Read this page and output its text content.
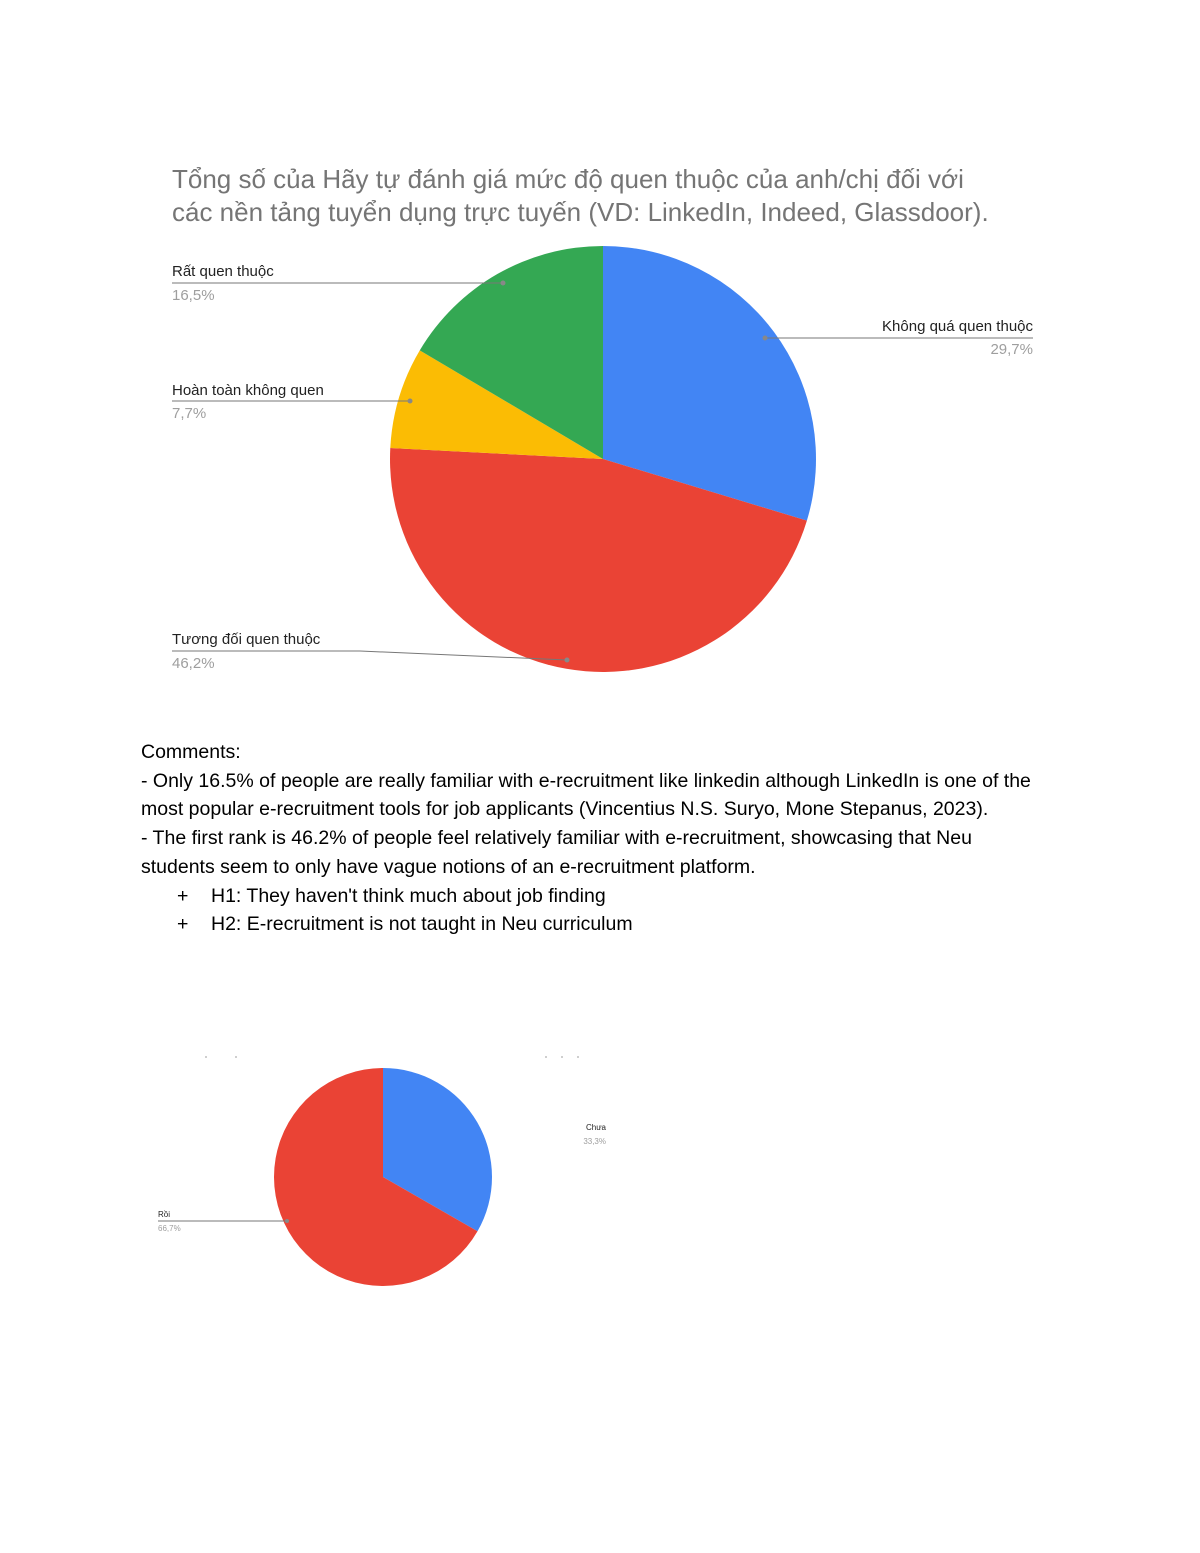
Tổng số của Hãy tự đánh giá mức độ quen thuộc của anh/chị đối với
các nền tảng tuyển dụng trực tuyến (VD: LinkedIn, Indeed, Glassdoor).
Không quá quen thuộc
29,7%
Tương đối quen thuộc
46,2%
Hoàn toàn không quen
7,7%
Rất quen thuộc
16,5%

Comments:

- Only 16.5% of people are really familiar with e-recruitment like linkedin although LinkedIn is one of the most popular e-recruitment tools for job applicants (Vincentius N.S. Suryo, Mone Stepanus, 2023).

- The first rank is 46.2% of people feel relatively familiar with e-recruitment, showcasing that Neu students seem to only have vague notions of an e-recruitment platform.

+ H1: They haven't think much about job finding
+ H2: E-recruitment is not taught in Neu curriculum
Chưa
33,3%
Rồi
66,7%
